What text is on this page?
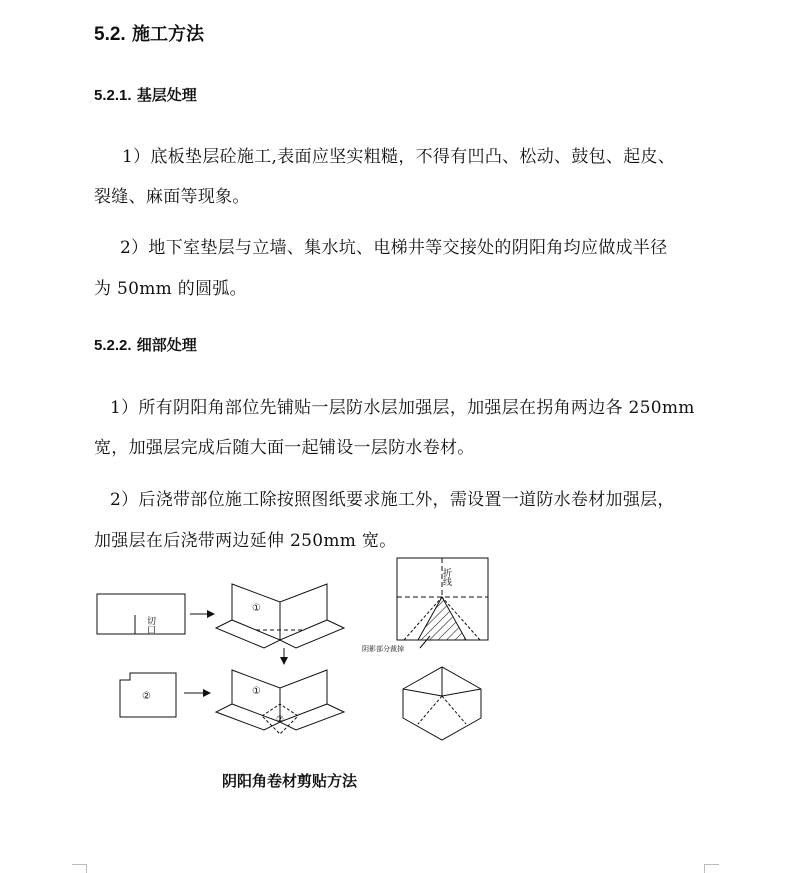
5.2. 施工方法
5.2.1. 基层处理
1）底板垫层砼施工,表面应坚实粗糙，不得有凹凸、松动、鼓包、起皮、
裂缝、麻面等现象。
2）地下室垫层与立墙、集水坑、电梯井等交接处的阴阳角均应做成半径
为 50mm 的圆弧。
5.2.2. 细部处理
1）所有阴阳角部位先铺贴一层防水层加强层，加强层在拐角两边各 250mm
宽，加强层完成后随大面一起铺设一层防水卷材。
2）后浇带部位施工除按照图纸要求施工外，需设置一道防水卷材加强层，
加强层在后浇带两边延伸 250mm 宽。
切口
①
②	①
②
折线
阴影部分裁掉
阴阳角卷材剪贴方法
